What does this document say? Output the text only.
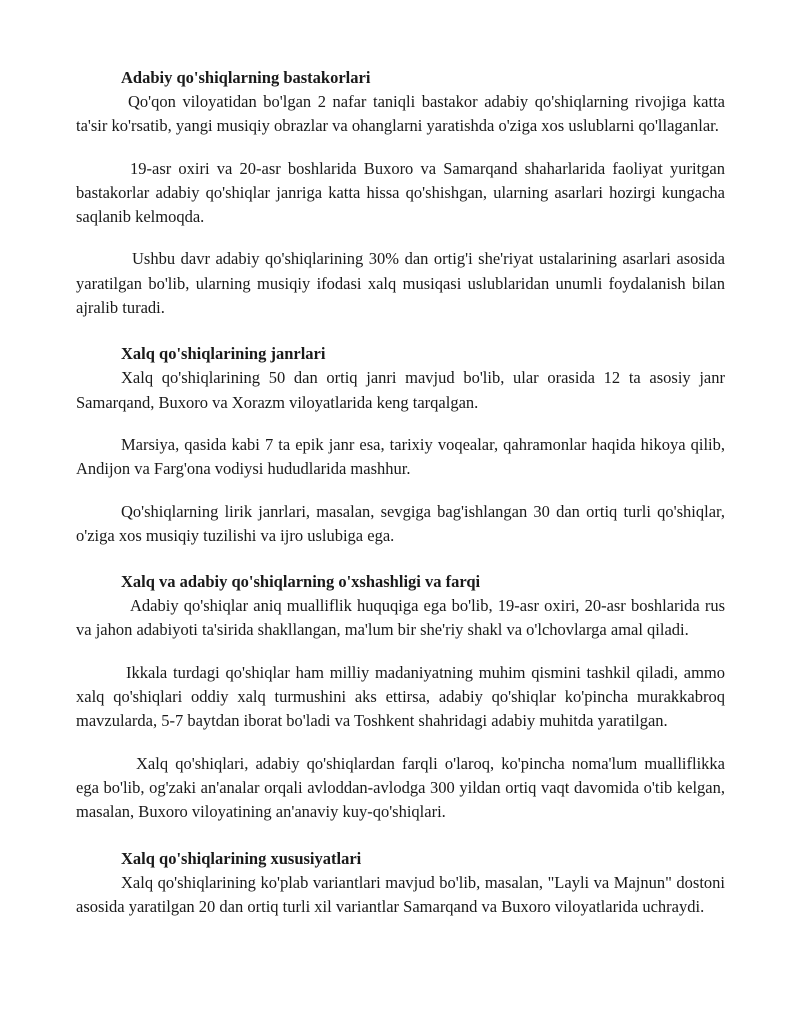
Adabiy qo'shiqlarning bastakorlari

Qo'qon viloyatidan bo'lgan 2 nafar taniqli bastakor adabiy qo'shiqlarning rivojiga katta ta'sir ko'rsatib, yangi musiqiy obrazlar va ohanglarni yaratishda o'ziga xos uslublarni qo'llaganlar.

19-asr oxiri va 20-asr boshlarida Buxoro va Samarqand shaharlarida faoliyat yuritgan bastakorlar adabiy qo'shiqlar janriga katta hissa qo'shishgan, ularning asarlari hozirgi kungacha saqlanib kelmoqda.

Ushbu davr adabiy qo'shiqlarining 30% dan ortig'i she'riyat ustalarining asarlari asosida yaratilgan bo'lib, ularning musiqiy ifodasi xalq musiqasi uslublaridan unumli foydalanish bilan ajralib turadi.

Xalq qo'shiqlarining janrlari

Xalq qo'shiqlarining 50 dan ortiq janri mavjud bo'lib, ular orasida 12 ta asosiy janr Samarqand, Buxoro va Xorazm viloyatlarida keng tarqalgan.

Marsiya, qasida kabi 7 ta epik janr esa, tarixiy voqealar, qahramonlar haqida hikoya qilib, Andijon va Farg'ona vodiysi hududlarida mashhur.

Qo'shiqlarning lirik janrlari, masalan, sevgiga bag'ishlangan 30 dan ortiq turli qo'shiqlar, o'ziga xos musiqiy tuzilishi va ijro uslubiga ega.

Xalq va adabiy qo'shiqlarning o'xshashligi va farqi

Adabiy qo'shiqlar aniq mualliflik huquqiga ega bo'lib, 19-asr oxiri, 20-asr boshlarida rus va jahon adabiyoti ta'sirida shakllangan, ma'lum bir she'riy shakl va o'lchovlarga amal qiladi.

Ikkala turdagi qo'shiqlar ham milliy madaniyatning muhim qismini tashkil qiladi, ammo xalq qo'shiqlari oddiy xalq turmushini aks ettirsa, adabiy qo'shiqlar ko'pincha murakkabroq mavzularda, 5-7 baytdan iborat bo'ladi va Toshkent shahridagi adabiy muhitda yaratilgan.

Xalq qo'shiqlari, adabiy qo'shiqlardan farqli o'laroq, ko'pincha noma'lum mualliflikka ega bo'lib, og'zaki an'analar orqali avloddan-avlodga 300 yildan ortiq vaqt davomida o'tib kelgan, masalan, Buxoro viloyatining an'anaviy kuy-qo'shiqlari.

Xalq qo'shiqlarining xususiyatlari

Xalq qo'shiqlarining ko'plab variantlari mavjud bo'lib, masalan, "Layli va Majnun" dostoni asosida yaratilgan 20 dan ortiq turli xil variantlar Samarqand va Buxoro viloyatlarida uchraydi.
